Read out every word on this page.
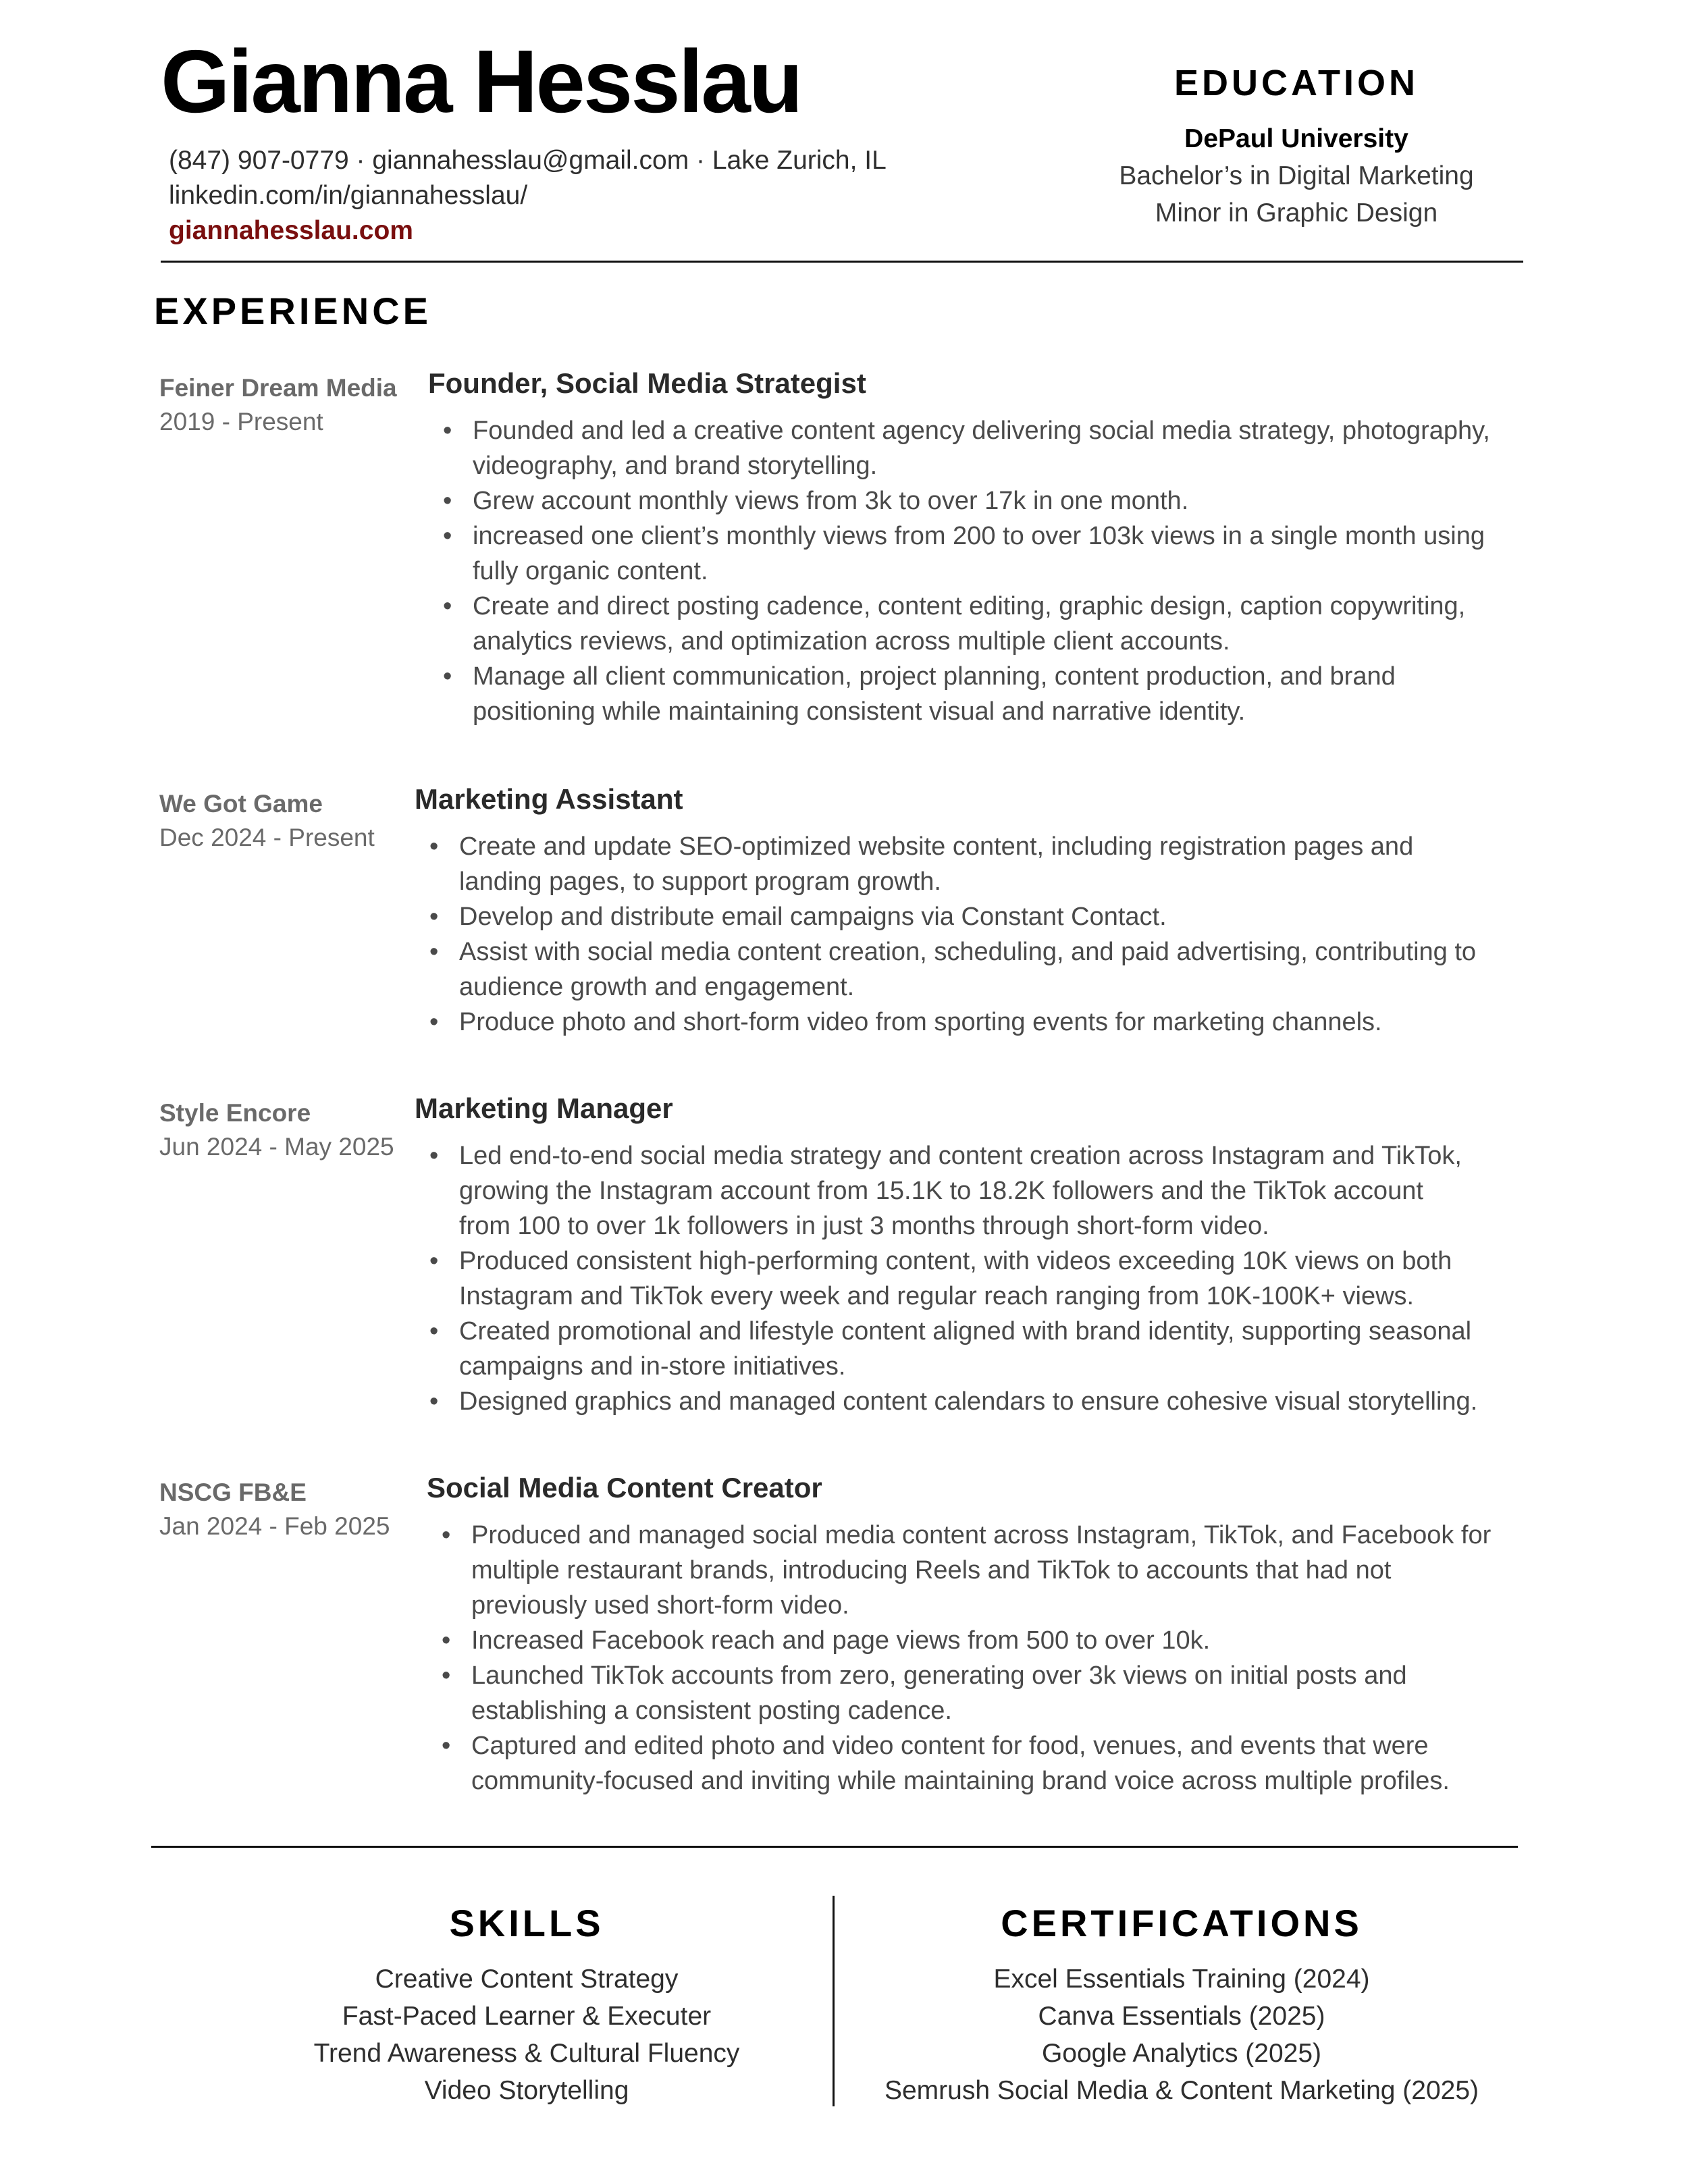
Gianna Hesslau
(847) 907-0779 · giannahesslau@gmail.com · Lake Zurich, IL
linkedin.com/in/giannahesslau/
giannahesslau.com
EDUCATION
DePaul University
Bachelor’s in Digital Marketing
Minor in Graphic Design
EXPERIENCE
Feiner Dream Media
2019 - Present
Founder, Social Media Strategist
• Founded and led a creative content agency delivering social media strategy, photography, videography, and brand storytelling.
• Grew account monthly views from 3k to over 17k in one month.
• increased one client’s monthly views from 200 to over 103k views in a single month using fully organic content.
• Create and direct posting cadence, content editing, graphic design, caption copywriting, analytics reviews, and optimization across multiple client accounts.
• Manage all client communication, project planning, content production, and brand positioning while maintaining consistent visual and narrative identity.
We Got Game
Dec 2024 - Present
Marketing Assistant
• Create and update SEO-optimized website content, including registration pages and landing pages, to support program growth.
• Develop and distribute email campaigns via Constant Contact.
• Assist with social media content creation, scheduling, and paid advertising, contributing to audience growth and engagement.
• Produce photo and short-form video from sporting events for marketing channels.
Style Encore
Jun 2024 - May 2025
Marketing Manager
• Led end-to-end social media strategy and content creation across Instagram and TikTok, growing the Instagram account from 15.1K to 18.2K followers and the TikTok account from 100 to over 1k followers in just 3 months through short-form video.
• Produced consistent high-performing content, with videos exceeding 10K views on both Instagram and TikTok every week and regular reach ranging from 10K-100K+ views.
• Created promotional and lifestyle content aligned with brand identity, supporting seasonal campaigns and in-store initiatives.
• Designed graphics and managed content calendars to ensure cohesive visual storytelling.
NSCG FB&E
Jan 2024 - Feb 2025
Social Media Content Creator
• Produced and managed social media content across Instagram, TikTok, and Facebook for multiple restaurant brands, introducing Reels and TikTok to accounts that had not previously used short-form video.
• Increased Facebook reach and page views from 500 to over 10k.
• Launched TikTok accounts from zero, generating over 3k views on initial posts and establishing a consistent posting cadence.
• Captured and edited photo and video content for food, venues, and events that were community-focused and inviting while maintaining brand voice across multiple profiles.
SKILLS
Creative Content Strategy
Fast-Paced Learner & Executer
Trend Awareness & Cultural Fluency
Video Storytelling
CERTIFICATIONS
Excel Essentials Training (2024)
Canva Essentials (2025)
Google Analytics (2025)
Semrush Social Media & Content Marketing (2025)
